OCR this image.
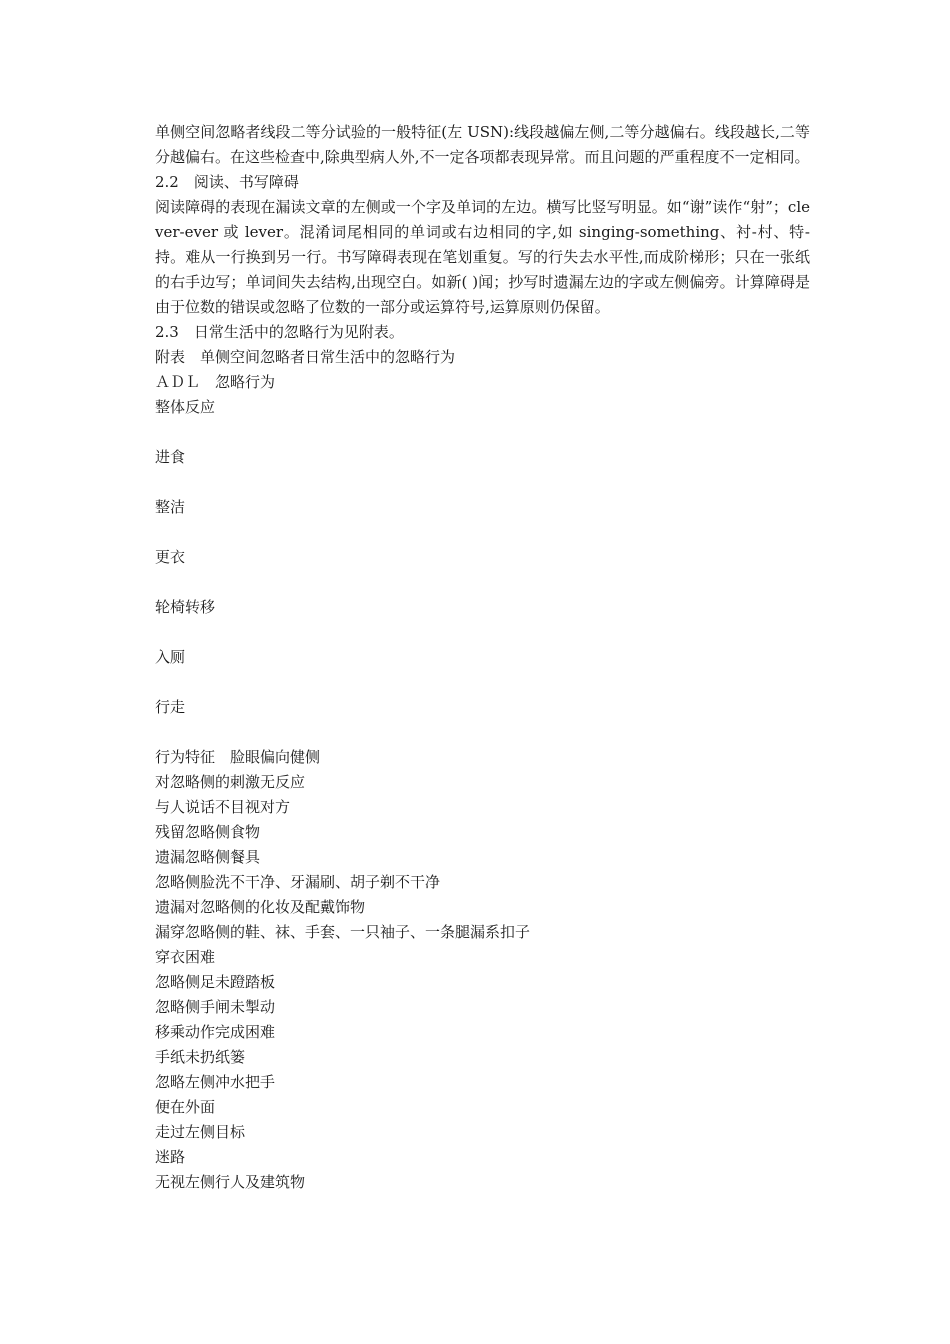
单侧空间忽略者线段二等分试验的一般特征(左 USN):线段越偏左侧,二等分越偏右。线段越长,二等分越偏右。在这些检查中,除典型病人外,不一定各项都表现异常。而且问题的严重程度不一定相同。

2.2　阅读、书写障碍

阅读障碍的表现在漏读文章的左侧或一个字及单词的左边。横写比竖写明显。如“谢”读作“射”；clever-ever 或 lever。混淆词尾相同的单词或右边相同的字,如 singing-something、衬-村、特-持。难从一行换到另一行。书写障碍表现在笔划重复。写的行失去水平性,而成阶梯形；只在一张纸的右手边写；单词间失去结构,出现空白。如新( )闻；抄写时遗漏左边的字或左侧偏旁。计算障碍是由于位数的错误或忽略了位数的一部分或运算符号,运算原则仍保留。

2.3　日常生活中的忽略行为见附表。

附表　单侧空间忽略者日常生活中的忽略行为

ＡＤＬ　忽略行为

整体反应

进食

整洁

更衣

轮椅转移

入厕

行走

行为特征　脸眼偏向健侧

对忽略侧的刺激无反应

与人说话不目视对方

残留忽略侧食物

遗漏忽略侧餐具

忽略侧脸洗不干净、牙漏刷、胡子剃不干净

遗漏对忽略侧的化妆及配戴饰物

漏穿忽略侧的鞋、袜、手套、一只袖子、一条腿漏系扣子

穿衣困难

忽略侧足未蹬踏板

忽略侧手闸未掣动

移乘动作完成困难

手纸未扔纸篓

忽略左侧冲水把手

便在外面

走过左侧目标

迷路

无视左侧行人及建筑物
